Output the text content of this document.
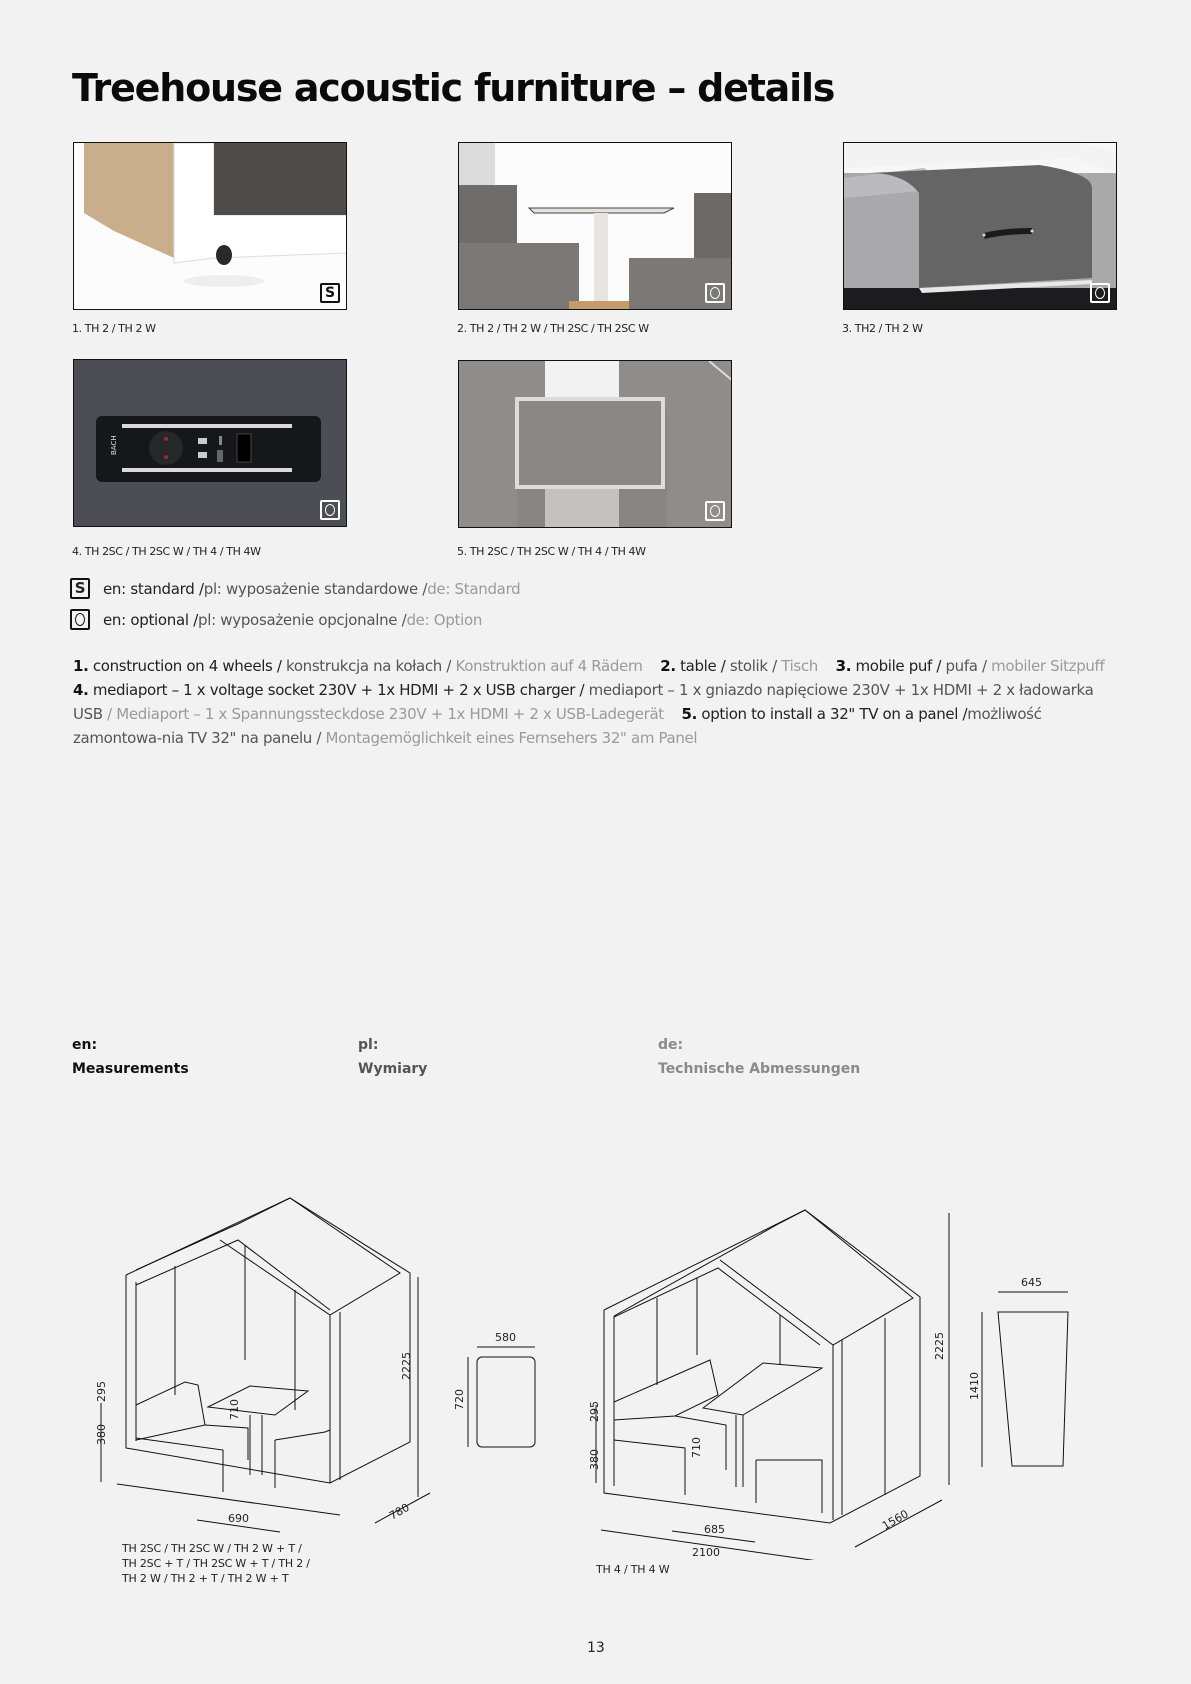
Treehouse acoustic furniture – details
S
1. TH 2 / TH 2 W	2. TH 2 / TH 2 W / TH 2SC / TH 2SC W	3. TH2 / TH 2 W
BACH
4. TH 2SC / TH 2SC W / TH 4 / TH 4W	5. TH 2SC / TH 2SC W / TH 4 / TH 4W
S	en: standard / pl: wyposażenie standardowe / de: Standard
en: optional / pl: wyposażenie opcjonalne / de: Option
1. construction on 4 wheels / konstrukcja na kołach / Konstruktion auf 4 Rädern 2. table / stolik / Tisch 3. mobile puf / pufa / mobiler Sitzpuff
4. mediaport – 1 x voltage socket 230V + 1x HDMI + 2 x USB charger / mediaport – 1 x gniazdo napięciowe 230V + 1x HDMI + 2 x ładowarka USB / Mediaport – 1 x Spannungssteckdose 230V + 1x HDMI + 2 x USB-Ladegerät 5. option to install a 32" TV on a panel /możliwość zamontowa-nia TV 32" na panelu / Montagemöglichkeit eines Fernsehers 32" am Panel
en:
Measurements
pl:
Wymiary
de:
Technische Abmessungen
2225
295
380
710
690	780
580
720
TH 2SC / TH 2SC W / TH 2 W + T /
TH 2SC + T / TH 2SC W + T / TH 2 /
TH 2 W / TH 2 + T / TH 2 W + T
2225
295
380
710
685
2100
1560
645
1410
TH 4 / TH 4 W
13
